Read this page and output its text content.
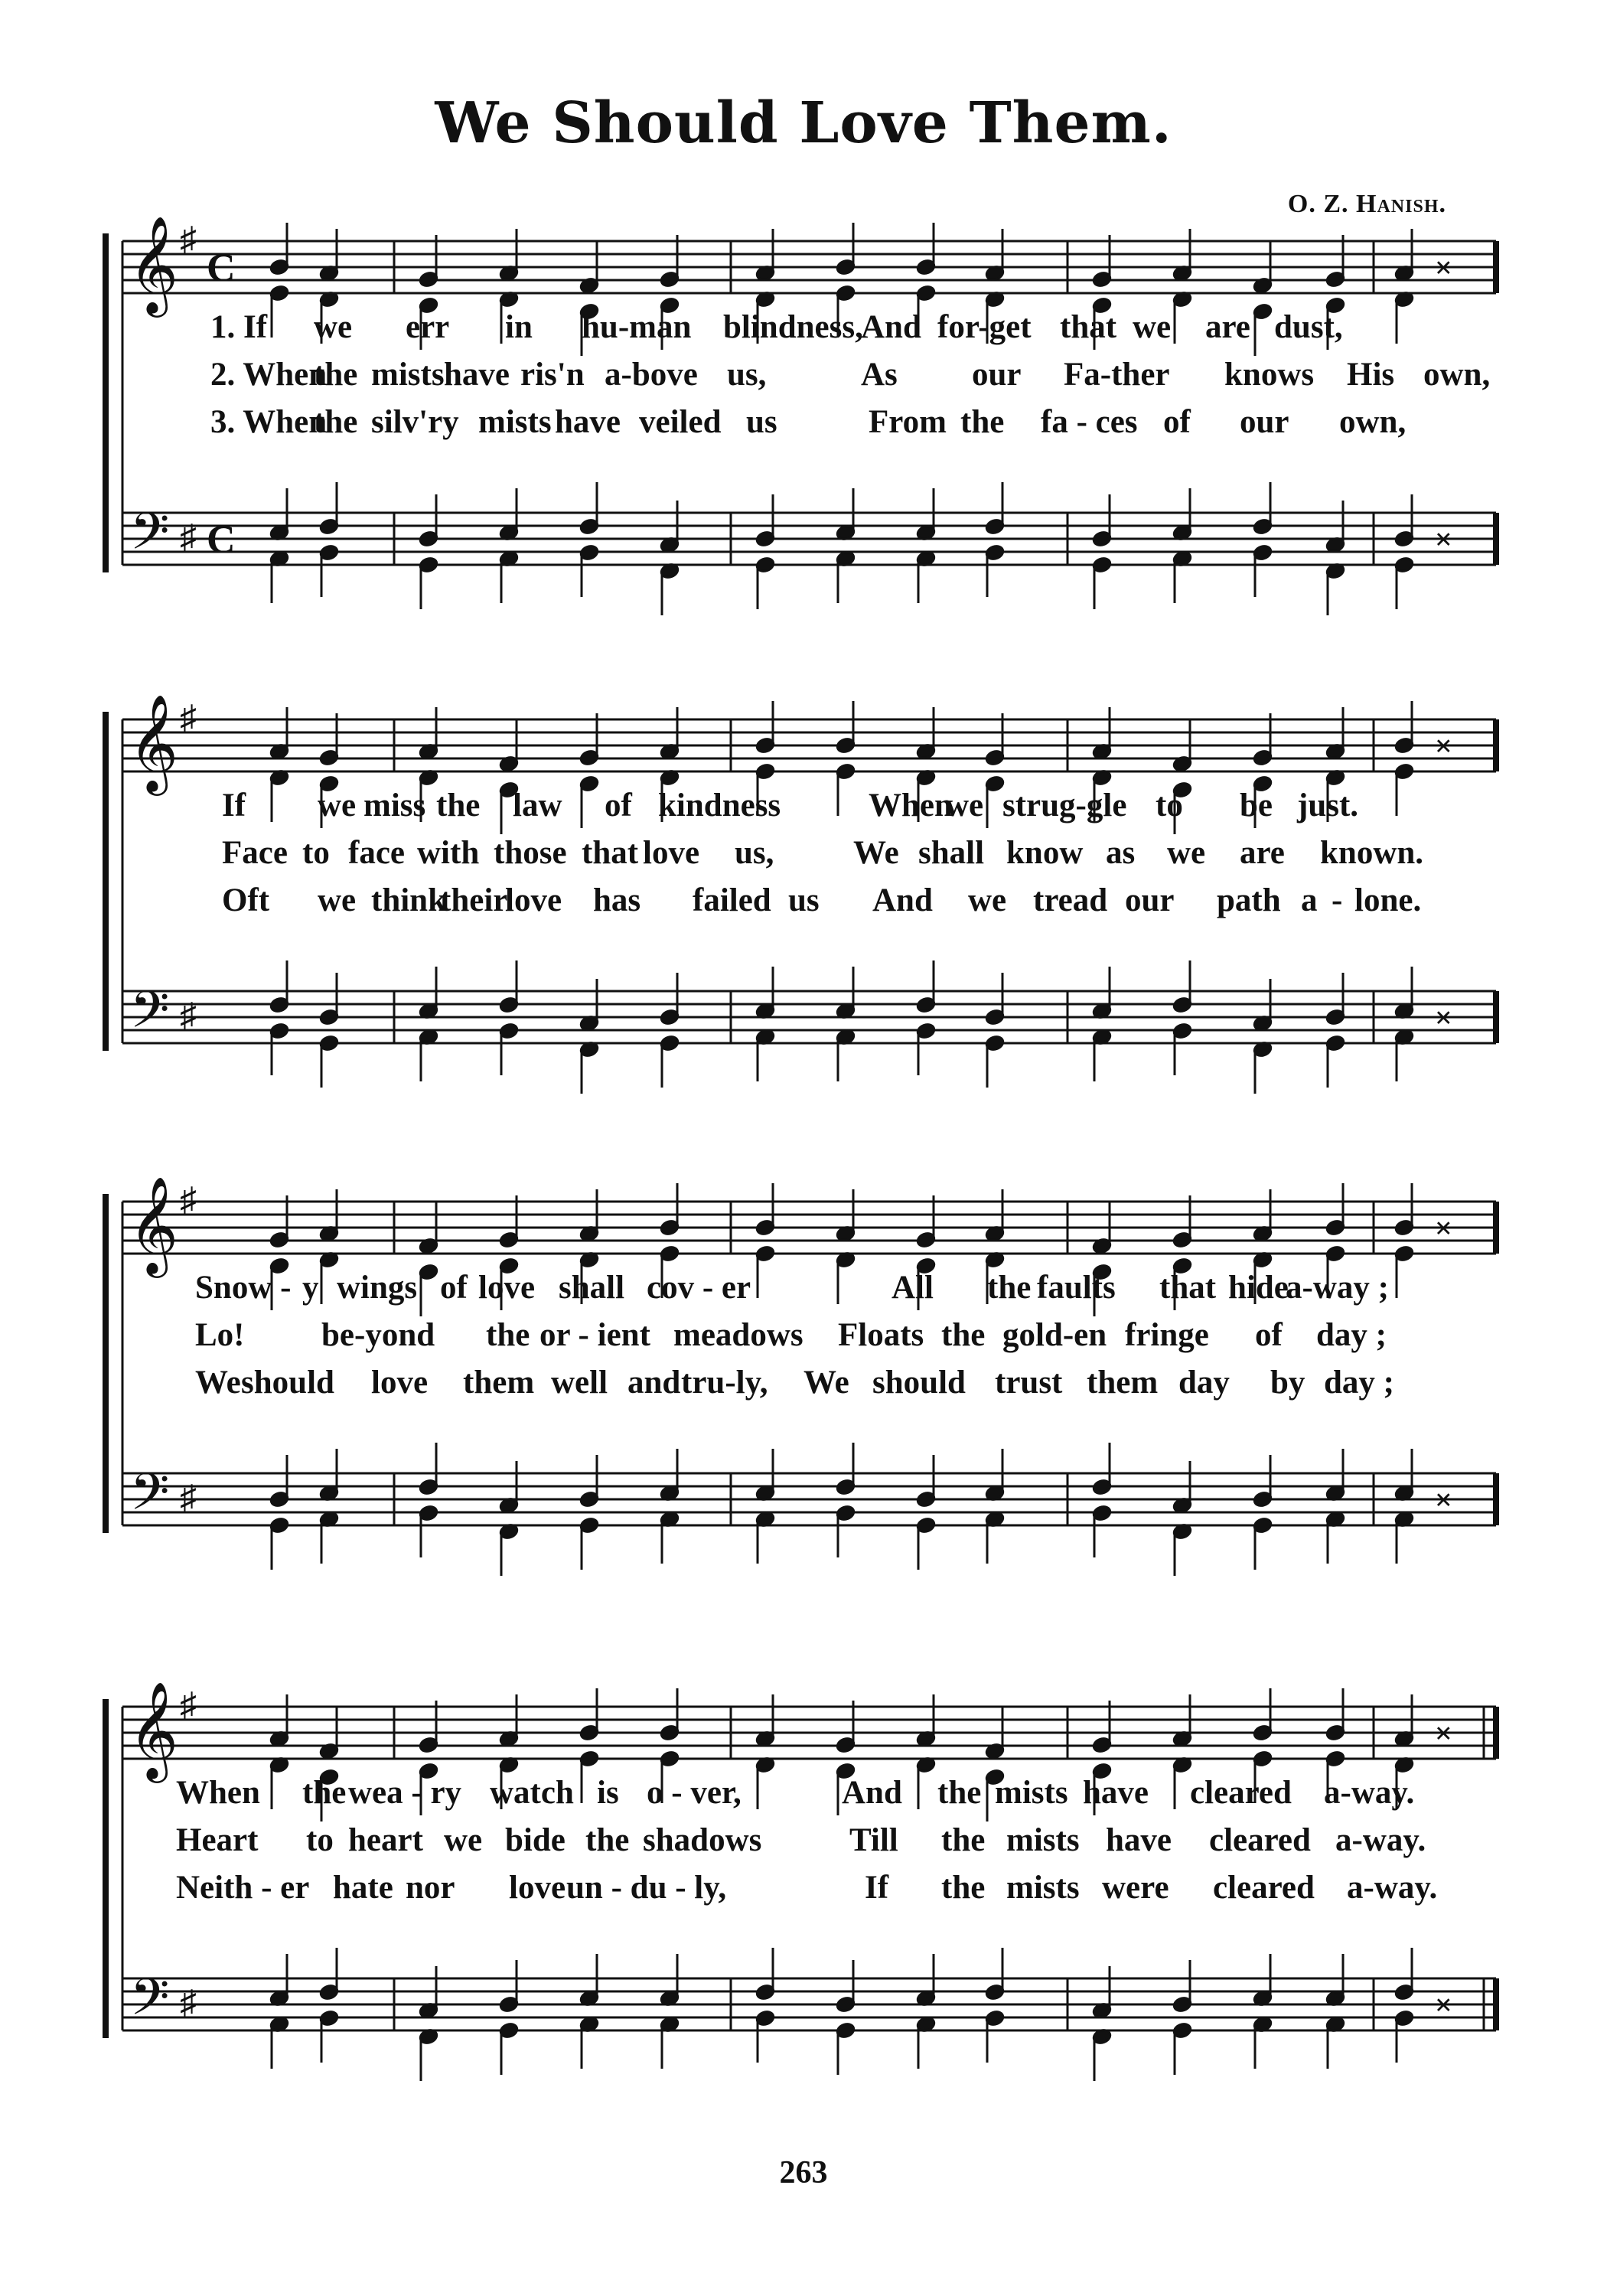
We Should Love Them.
O. Z. Hanish.
𝄞
𝄢
♯
♯
C
C
×
×
1. If we err in hu-man blindness,
And for-get that we are dust,
2. When
the mists have ris'n a-bove us,	As our Fa-ther knows His own,
3. When
the silv'ry mists have veiled us	From the fa - ces of our own,
𝄞
𝄢
♯
♯
×
×
If we miss the law of kindness	When
we strug-gle to be just.
Face to face with those that love us, We shall know as we are known.
Oft we think
their
love has failed us And we tread our path a - lone.
𝄞
𝄢
♯
♯
×
×
Snow - y wings of love shall cov - er	All the faults that hide
a-way ;
Lo! be-yond the or - ient meadows Floats the gold-en fringe of day ;
We should love them well and tru-ly, We should trust them day by day ;
𝄞
𝄢
♯
♯
×
×
When the wea - ry watch is o - ver,	And the mists have cleared a-way.
Heart to heart we bide the shadows	Till the mists have cleared a-way.
Neith - er hate nor love un - du - ly,	If the mists were cleared a-way.
263
